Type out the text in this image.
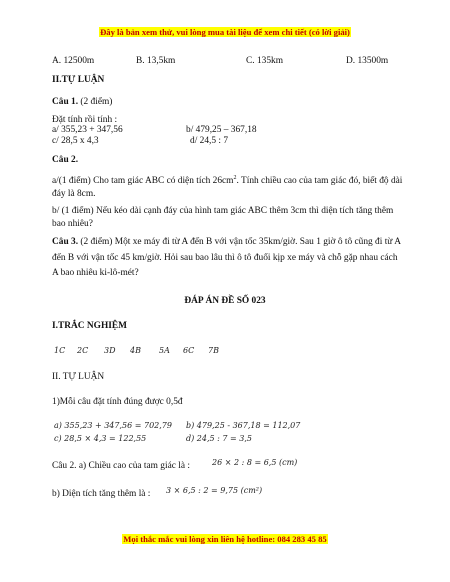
Đây là bản xem thử, vui lòng mua tài liệu để xem chi tiết (có lời giải)
A. 12500m	B. 13,5km	C. 135km	D. 13500m
II.TỰ LUẬN
Câu 1. (2 điểm)
Đặt tính rồi tính :
a/ 355,23 + 347,56	b/ 479,25 – 367,18
c/ 28,5 x 4,3	d/ 24,5 : 7
Câu 2.
a/(1 điểm) Cho tam giác ABC có diện tích $26cm^2$. Tính chiều cao của tam giác đó, biết độ dài đáy là 8cm.
b/ (1 điểm) Nếu kéo dài cạnh đáy của hình tam giác ABC thêm 3cm thì diện tích tăng thêm bao nhiêu?
Câu 3. (2 điểm) Một xe máy đi từ A đến B với vận tốc 35km/giờ. Sau 1 giờ ô tô cũng đi từ A đến B với vận tốc 45 km/giờ. Hỏi sau bao lâu thì ô tô đuổi kịp xe máy và chỗ gặp nhau cách A bao nhiêu ki-lô-mét?
ĐÁP ÁN ĐỀ SỐ 023
I.TRẮC NGHIỆM
1C 2C 3D 4B 5A 6C 7B
II. TỰ LUẬN
1)Mỗi câu đặt tính đúng được 0,5đ
a) 355,23 + 347,56 = 702,79 b) 479,25 - 367,18 = 112,07
c) 28,5 × 4,3 = 122,55	d) 24,5 : 7 = 3,5
Câu 2. a) Chiều cao của tam giác là :	26 × 2 : 8 = 6,5 (cm)
b) Diện tích tăng thêm là : 3 × 6,5 : 2 = 9,75 (cm²)
Mọi thắc mắc vui lòng xin liên hệ hotline: 084 283 45 85
